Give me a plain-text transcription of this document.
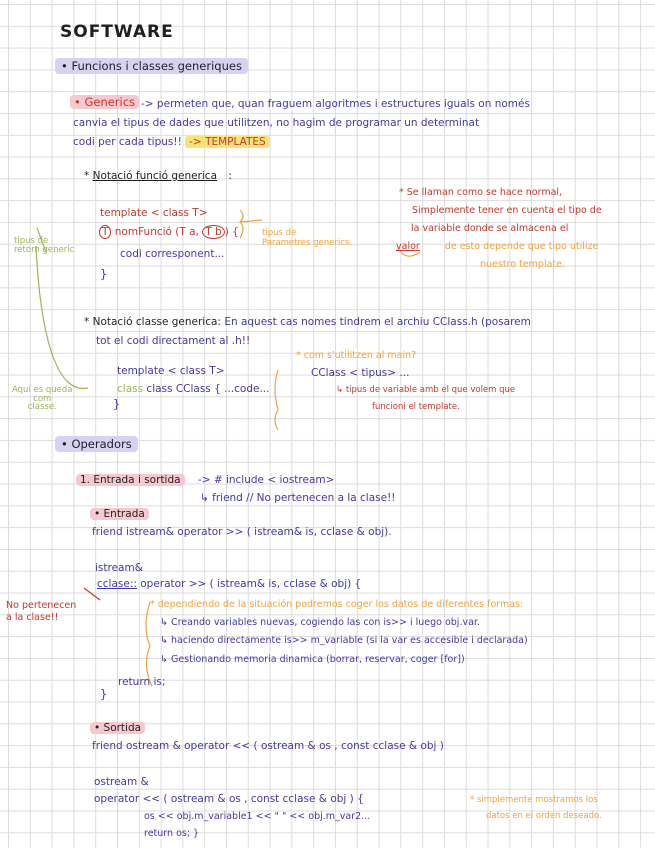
SOFTWARE
• Funcions i classes generiques
• Generics -> permeten que, quan fraguem algoritmes i estructures iguals on només
canvia el tipus de dades que utilitzen, no hagim de programar un determinat
codi per cada tipus!! -> TEMPLATES
* Notació funció generica :
template < class T>
T nomFunció (T a, T b ) {
codi corresponent...
}
tipus de
retorn generic
tipus de
Parametres generics.
* Se llaman como se hace normal,
Simplemente tener en cuenta el tipo de
la variable donde se almacena el
valor	de esto depende que tipo utilize
nuestro template.
* Notació classe generica: En aquest cas nomes tindrem el archiu CClass.h (posarem
tot el codi directament al .h!!
* com s'utilitzen al main?
CClass < tipus> ...
↳ tipus de variable amb el que volem que
funcioni el template.
template < class T>
class class CClass { ...code...
}
Aquí es queda
com
classe.
• Operadors
1. Entrada i sortida -> # include < iostream>
↳ friend // No pertenecen a la clase!!
• Entrada
friend istream& operator >> ( istream& is, cclase & obj).
istream&
cclase:: operator >> ( istream& is, cclase & obj) {
No pertenecen
a la clase!!
* dependiendo de la situación podremos coger los datos de diferentes formas:
↳ Creando variables nuevas, cogiendo las con is>> i luego obj.var.
↳ haciendo directamente is>> m_variable (si la var es accesible i declarada)
↳ Gestionando memoria dinamica (borrar, reservar, coger [for])
return is;
}
• Sortida
friend ostream & operator << ( ostream & os , const cclase & obj )
ostream &
operator << ( ostream & os , const cclase & obj ) {
os << obj.m_variable1 << " " << obj.m_var2...
return os; }
* simplemente mostramos los
datos en el orden deseado.
